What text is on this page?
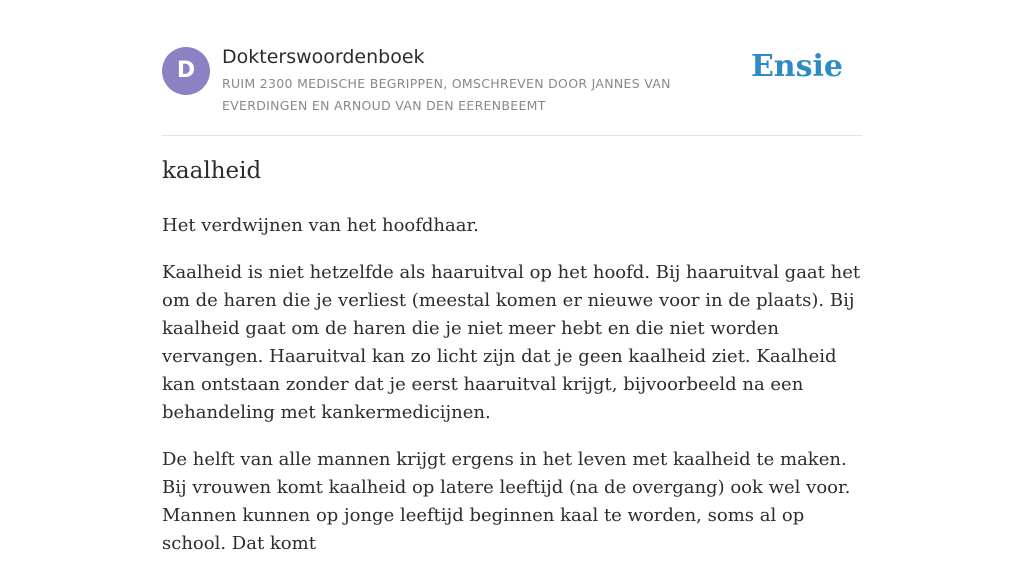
D
Dokterswoordenboek
RUIM 2300 MEDISCHE BEGRIPPEN, OMSCHREVEN DOOR JANNES VAN EVERDINGEN EN ARNOUD VAN DEN EERENBEEMT
Ensie
kaalheid

Het verdwijnen van het hoofdhaar.

Kaalheid is niet hetzelfde als haaruitval op het hoofd. Bij haaruitval gaat het om de haren die je verliest (meestal komen er nieuwe voor in de plaats). Bij kaalheid gaat om de haren die je niet meer hebt en die niet worden vervangen. Haaruitval kan zo licht zijn dat je geen kaalheid ziet. Kaalheid kan ontstaan zonder dat je eerst haaruitval krijgt, bijvoorbeeld na een behandeling met kankermedicijnen.

De helft van alle mannen krijgt ergens in het leven met kaalheid te maken. Bij vrouwen komt kaalheid op latere leeftijd (na de overgang) ook wel voor. Mannen kunnen op jonge leeftijd beginnen kaal te worden, soms al op school. Dat komt
